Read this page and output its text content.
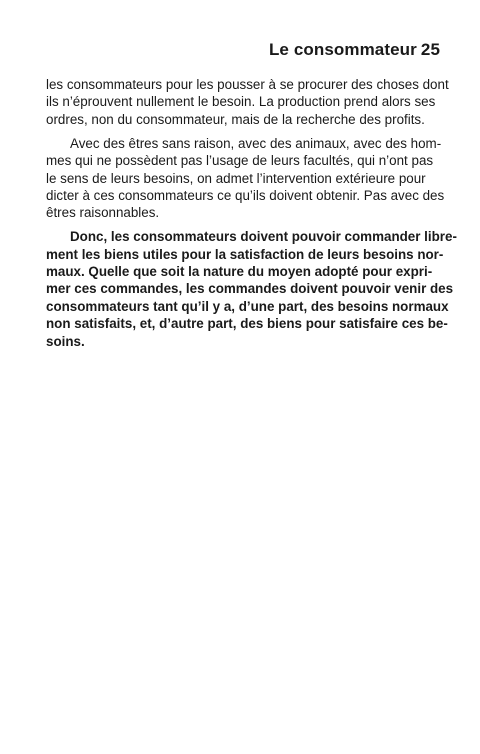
Le consommateur 25
les consommateurs pour les pousser à se procurer des choses dont
ils n’éprouvent nullement le besoin. La production prend alors ses
ordres, non du consommateur, mais de la recherche des profits.
Avec des êtres sans raison, avec des animaux, avec des hom-
mes qui ne possèdent pas l’usage de leurs facultés, qui n’ont pas
le sens de leurs besoins, on admet l’intervention extérieure pour
dicter à ces consommateurs ce qu’ils doivent obtenir. Pas avec des
êtres raisonnables.
Donc, les consommateurs doivent pouvoir commander libre-
ment les biens utiles pour la satisfaction de leurs besoins nor-
maux. Quelle que soit la nature du moyen adopté pour expri-
mer ces commandes, les commandes doivent pouvoir venir des
consommateurs tant qu’il y a, d’une part, des besoins normaux
non satisfaits, et, d’autre part, des biens pour satisfaire ces be-
soins.
